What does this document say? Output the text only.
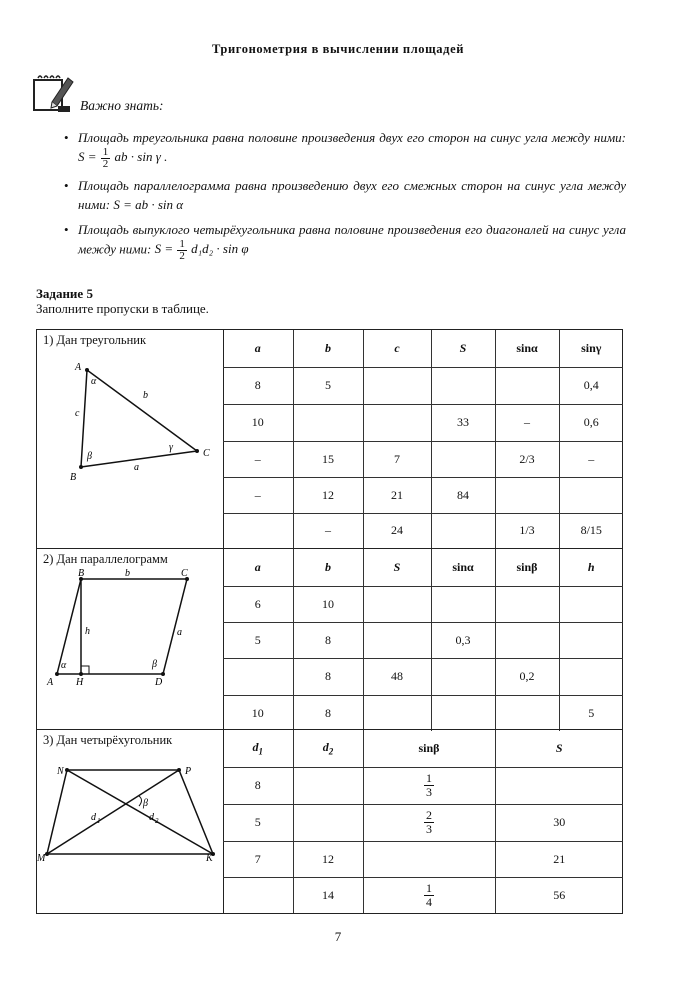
Тригонометрия в вычислении площадей
Важно знать:
• Площадь треугольника равна половине произведения двух его сторон на синус угла между ними: $S = \frac{1}{2}$ ab · sin γ .
• Площадь параллелограмма равна произведению двух его смежных сторон на синус угла между ними: S = ab · sin α
• Площадь выпуклого четырёхугольника равна половине произведения его диагоналей на синус угла между ними: $S = \frac{1}{2} d_1d_2 \cdot \sin \varphi$
Задание 5
Заполните пропуски в таблице.
1) Дан треугольник
A
B
C
c
b
a
α
β
γ
a	b	c	S	sinα	sinγ
8	5				0,4
10			33	–	0,6
–	15	7		2/3	–
–	12	21	84		
	–	24		1/3	8/15
2) Дан параллелограмм
A
B	C
D
H
b
a
h
α	β
a	b	S	sinα	sinβ	h
6	10				
5	8		0,3		
	8	48		0,2	
10	8				5
3) Дан четырёхугольник
N	P
M	K
β
d 1	d 2
$d_1$	$d_2$	sinβ	S
8		$\frac{1}{3}$

5		$\frac{2}{3}$	30
7	12		21
	14	$\frac{1}{4}$	56
7
